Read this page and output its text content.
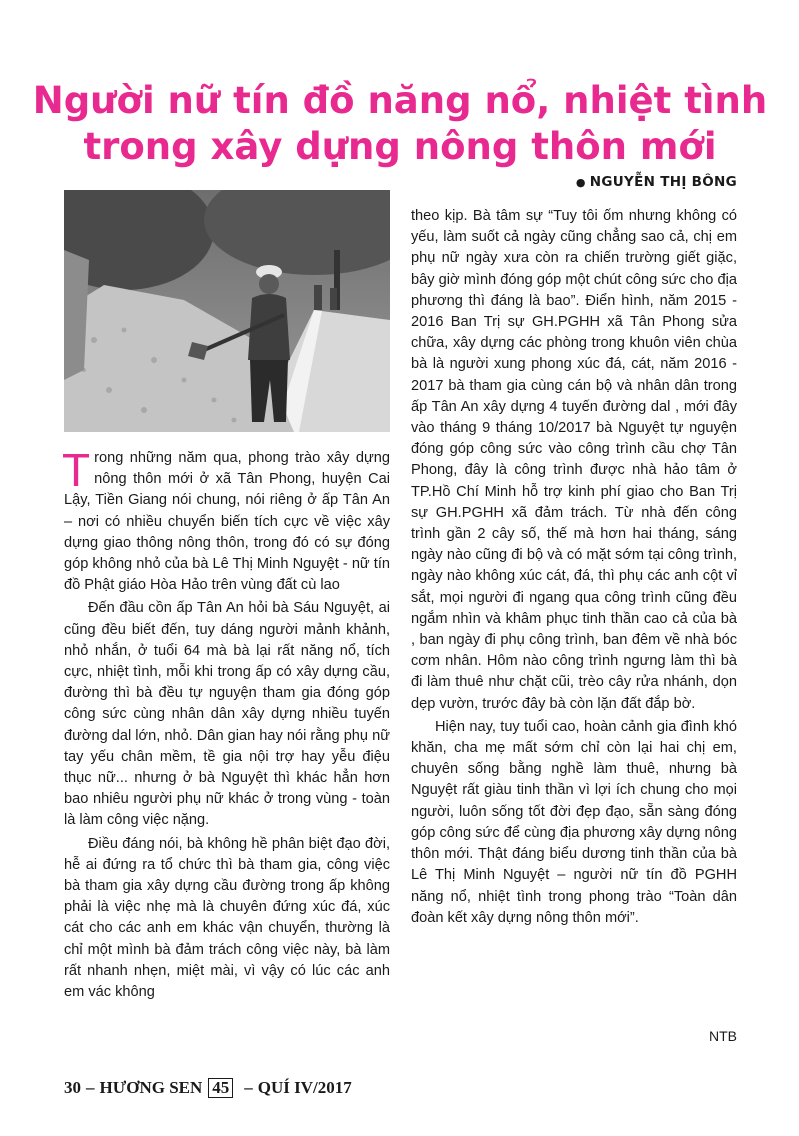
Người nữ tín đồ năng nổ, nhiệt tình
trong xây dựng nông thôn mới
● NGUYỄN THỊ BÔNG

Trong những năm qua, phong trào xây dựng nông thôn mới ở xã Tân Phong, huyện Cai Lậy, Tiền Giang nói chung, nói riêng ở ấp Tân An – nơi có nhiều chuyển biến tích cực về việc xây dựng giao thông nông thôn, trong đó có sự đóng góp không nhỏ của bà Lê Thị Minh Nguyệt - nữ tín đồ Phật giáo Hòa Hảo trên vùng đất cù lao

Đến đầu cồn ấp Tân An hỏi bà Sáu Nguyệt, ai cũng đều biết đến, tuy dáng người mảnh khảnh, nhỏ nhắn, ở tuổi 64 mà bà lại rất năng nổ, tích cực, nhiệt tình, mỗi khi trong ấp có xây dựng cầu, đường thì bà đều tự nguyện tham gia đóng góp công sức cùng nhân dân xây dựng nhiều tuyến đường dal lớn, nhỏ. Dân gian hay nói rằng phụ nữ tay yếu chân mềm, tề gia nội trợ hay yễu điệu thục nữ... nhưng ở bà Nguyệt thì khác hẳn hơn bao nhiêu người phụ nữ khác ở trong vùng - toàn là làm công việc nặng.

Điều đáng nói, bà không hề phân biệt đạo đời, hễ ai đứng ra tổ chức thì bà tham gia, công việc bà tham gia xây dựng cầu đường trong ấp không phải là việc nhẹ mà là chuyên đứng xúc đá, xúc cát cho các anh em khác vận chuyển, thường là chỉ một mình bà đảm trách công việc này, bà làm rất nhanh nhẹn, miệt mài, vì vậy có lúc các anh em vác không

theo kịp. Bà tâm sự “Tuy tôi ốm nhưng không có yếu, làm suốt cả ngày cũng chẳng sao cả, chị em phụ nữ ngày xưa còn ra chiến trường giết giặc, bây giờ mình đóng góp một chút công sức cho địa phương thì đáng là bao”. Điển hình, năm 2015 - 2016 Ban Trị sự GH.PGHH xã Tân Phong sửa chữa, xây dựng các phòng trong khuôn viên chùa bà là người xung phong xúc đá, cát, năm 2016 - 2017 bà tham gia cùng cán bộ và nhân dân trong ấp Tân An xây dựng 4 tuyến đường dal , mới đây vào tháng 9 tháng 10/2017 bà Nguyệt tự nguyện đóng góp công sức vào công trình cầu chợ Tân Phong, đây là công trình được nhà hảo tâm ở TP.Hồ Chí Minh hỗ trợ kinh phí giao cho Ban Trị sự GH.PGHH xã đảm trách. Từ nhà đến công trình gần 2 cây số, thế mà hơn hai tháng, sáng ngày nào cũng đi bộ và có mặt sớm tại công trình, ngày nào không xúc cát, đá, thì phụ các anh cột vỉ sắt, mọi người đi ngang qua công trình cũng đều ngắm nhìn và khâm phục tinh thần cao cả của bà , ban ngày đi phụ công trình, ban đêm về nhà bóc cơm nhân. Hôm nào công trình ngưng làm thì bà đi làm thuê như chặt cũi, trèo cây rửa nhánh, dọn dẹp vườn, trước đây bà còn lặn đất đắp bờ.

Hiện nay, tuy tuổi cao, hoàn cảnh gia đình khó khăn, cha mẹ mất sớm chỉ còn lại hai chị em, chuyên sống bằng nghề làm thuê, nhưng bà Nguyệt rất giàu tinh thần vì lợi ích chung cho mọi người, luôn sống tốt đời đẹp đạo, sẵn sàng đóng góp công sức để cùng địa phương xây dựng nông thôn mới. Thật đáng biểu dương tinh thần của bà Lê Thị Minh Nguyệt – người nữ tín đồ PGHH năng nổ, nhiệt tình trong phong trào “Toàn dân đoàn kết xây dựng nông thôn mới”.

NTB
30 – HƯƠNG SEN 45 – QUÍ IV/2017
